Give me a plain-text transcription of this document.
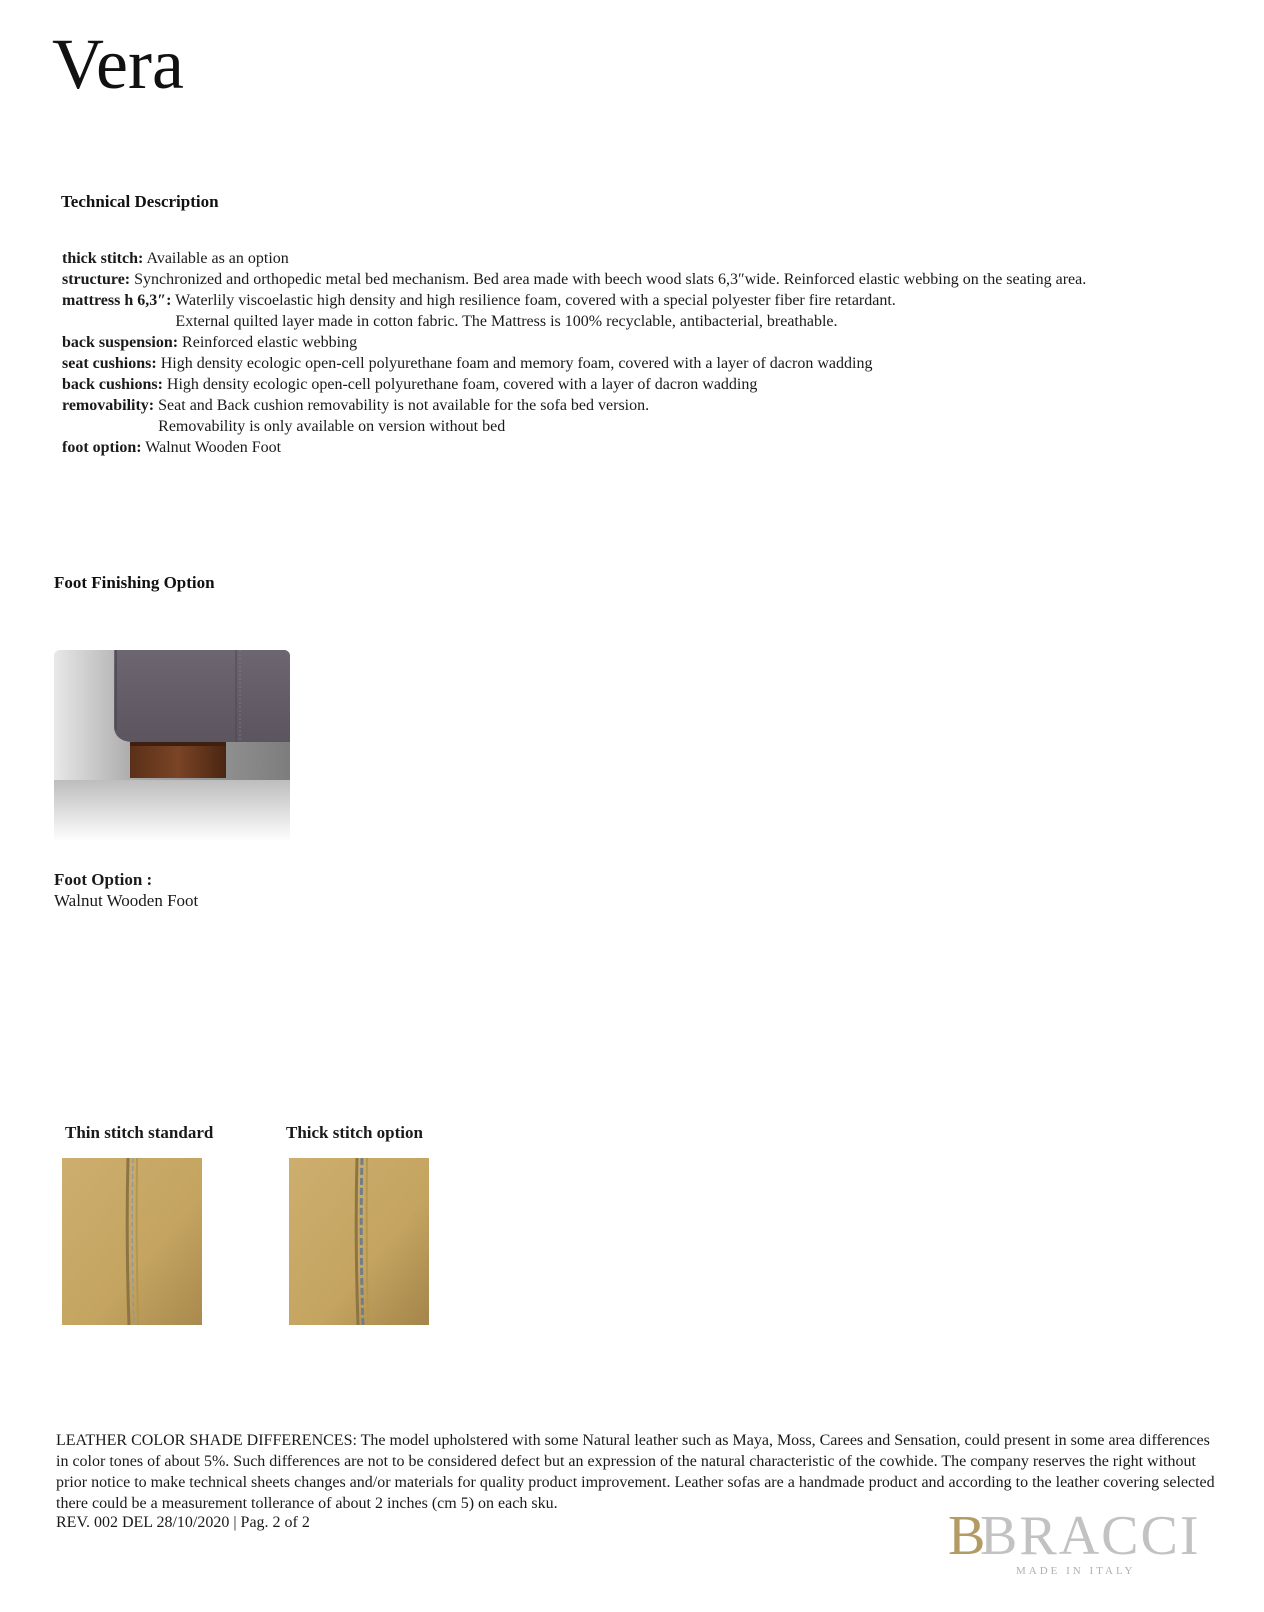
Vera
Technical Description
thick stitch: Available as an option
structure: Synchronized and orthopedic metal bed mechanism. Bed area made with beech wood slats 6,3″wide. Reinforced elastic webbing on the seating area.
mattress h 6,3″: Waterlily viscoelastic high density and high resilience foam, covered with a special polyester fiber fire retardant.
External quilted layer made in cotton fabric. The Mattress is 100% recyclable, antibacterial, breathable.
back suspension: Reinforced elastic webbing
seat cushions: High density ecologic open-cell polyurethane foam and memory foam, covered with a layer of dacron wadding
back cushions: High density ecologic open-cell polyurethane foam, covered with a layer of dacron wadding
removability: Seat and Back cushion removability is not available for the sofa bed version.
Removability is only available on version without bed
foot option: Walnut Wooden Foot
Foot Finishing Option
Foot Option :
Walnut Wooden Foot
Thin stitch standard	Thick stitch option
LEATHER COLOR SHADE DIFFERENCES: The model upholstered with some Natural leather such as Maya, Moss, Carees and Sensation, could present in some area differences in color tones of about 5%. Such differences are not to be considered defect but an expression of the natural characteristic of the cowhide. The company reserves the right without prior notice to make technical sheets changes and/or materials for quality product improvement. Leather sofas are a handmade product and according to the leather covering selected there could be a measurement tollerance of about 2 inches (cm 5) on each sku.
REV. 002 DEL 28/10/2020 | Pag. 2 of 2	B
BRACCI
MADE IN ITALY
